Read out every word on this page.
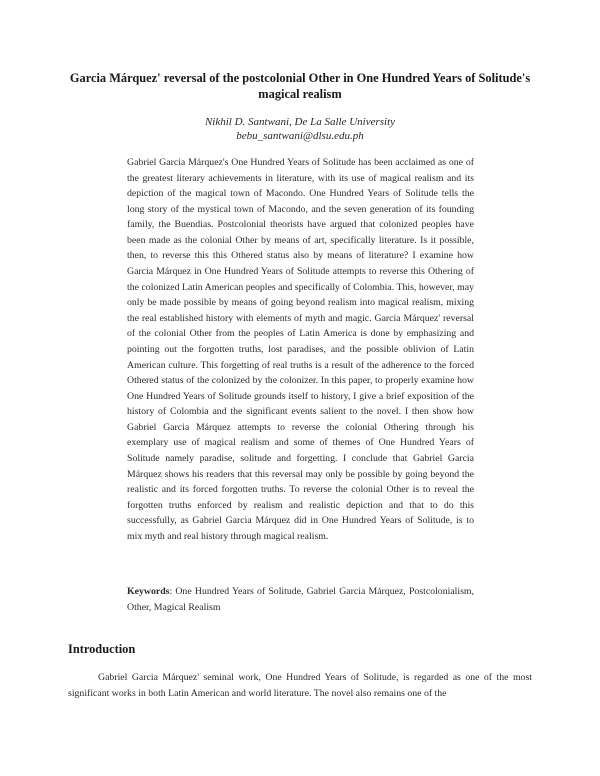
Garcia Márquez' reversal of the postcolonial Other in One Hundred Years of Solitude's magical realism
Nikhil D. Santwani, De La Salle University
bebu_santwani@dlsu.edu.ph

Gabriel Garcia Márquez's One Hundred Years of Solitude has been acclaimed as one of the greatest literary achievements in literature, with its use of magical realism and its depiction of the magical town of Macondo. One Hundred Years of Solitude tells the long story of the mystical town of Macondo, and the seven generation of its founding family, the Buendias. Postcolonial theorists have argued that colonized peoples have been made as the colonial Other by means of art, specifically literature. Is it possible, then, to reverse this this Othered status also by means of literature? I examine how Garcia Márquez in One Hundred Years of Solitude attempts to reverse this Othering of the colonized Latin American peoples and specifically of Colombia. This, however, may only be made possible by means of going beyond realism into magical realism, mixing the real established history with elements of myth and magic. Garcia Márquez' reversal of the colonial Other from the peoples of Latin America is done by emphasizing and pointing out the forgotten truths, lost paradises, and the possible oblivion of Latin American culture. This forgetting of real truths is a result of the adherence to the forced Othered status of the colonized by the colonizer. In this paper, to properly examine how One Hundred Years of Solitude grounds itself to history, I give a brief exposition of the history of Colombia and the significant events salient to the novel. I then show how Gabriel Garcia Márquez attempts to reverse the colonial Othering through his exemplary use of magical realism and some of themes of One Hundred Years of Solitude namely paradise, solitude and forgetting. I conclude that Gabriel Garcia Márquez shows his readers that this reversal may only be possible by going beyond the realistic and its forced forgotten truths. To reverse the colonial Other is to reveal the forgotten truths enforced by realism and realistic depiction and that to do this successfully, as Gabriel Garcia Márquez did in One Hundred Years of Solitude, is to mix myth and real history through magical realism.

Keywords: One Hundred Years of Solitude, Gabriel Garcia Márquez, Postcolonialism, Other, Magical Realism

Introduction

Gabriel Garcia Márquez' seminal work, One Hundred Years of Solitude, is regarded as one of the most significant works in both Latin American and world literature. The novel also remains one of the
